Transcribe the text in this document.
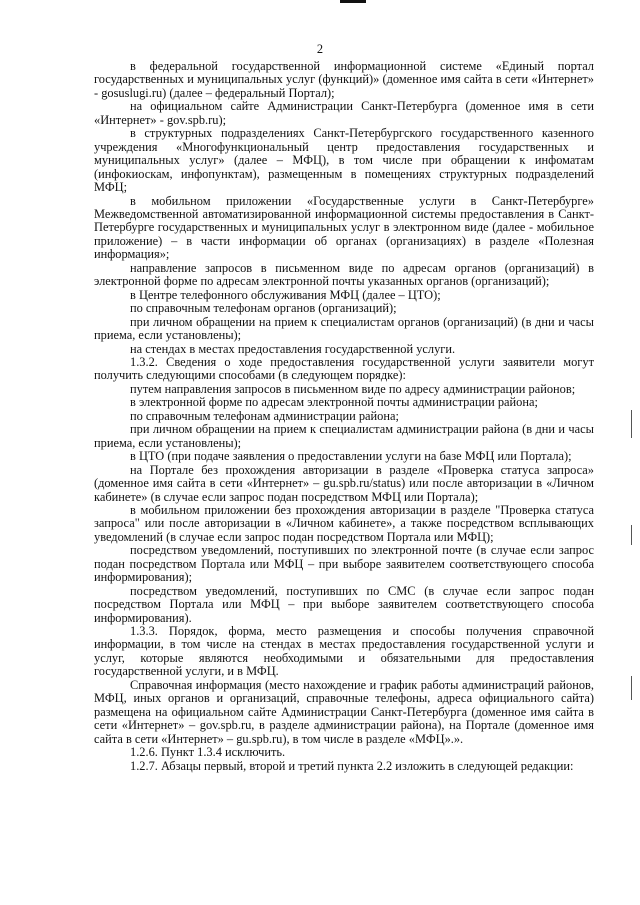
2

в федеральной государственной информационной системе «Единый портал государственных и муниципальных услуг (функций)» (доменное имя сайта в сети «Интернет» - gosuslugi.ru) (далее – федеральный Портал);

на официальном сайте Администрации Санкт-Петербурга (доменное имя в сети «Интернет» - gov.spb.ru);

в структурных подразделениях Санкт-Петербургского государственного казенного учреждения «Многофункциональный центр предоставления государственных и муниципальных услуг» (далее – МФЦ), в том числе при обращении к инфоматам (инфокиоскам, инфопунктам), размещенным в помещениях структурных подразделений МФЦ;

в мобильном приложении «Государственные услуги в Санкт-Петербурге» Межведомственной автоматизированной информационной системы предоставления в Санкт-Петербурге государственных и муниципальных услуг в электронном виде (далее - мобильное приложение) – в части информации об органах (организациях) в разделе «Полезная информация»;

направление запросов в письменном виде по адресам органов (организаций) в электронной форме по адресам электронной почты указанных органов (организаций);

в Центре телефонного обслуживания МФЦ (далее – ЦТО);

по справочным телефонам органов (организаций);

при личном обращении на прием к специалистам органов (организаций) (в дни и часы приема, если установлены);

на стендах в местах предоставления государственной услуги.

1.3.2. Сведения о ходе предоставления государственной услуги заявители могут получить следующими способами (в следующем порядке):

путем направления запросов в письменном виде по адресу администрации районов;

в электронной форме по адресам электронной почты администрации района;

по справочным телефонам администрации района;

при личном обращении на прием к специалистам администрации района (в дни и часы приема, если установлены);

в ЦТО (при подаче заявления о предоставлении услуги на базе МФЦ или Портала);

на Портале без прохождения авторизации в разделе «Проверка статуса запроса» (доменное имя сайта в сети «Интернет» – gu.spb.ru/status) или после авторизации в «Личном кабинете» (в случае если запрос подан посредством МФЦ или Портала);

в мобильном приложении без прохождения авторизации в разделе "Проверка статуса запроса" или после авторизации в «Личном кабинете», а также посредством всплывающих уведомлений (в случае если запрос подан посредством Портала или МФЦ);

посредством уведомлений, поступивших по электронной почте (в случае если запрос подан посредством Портала или МФЦ – при выборе заявителем соответствующего способа информирования);

посредством уведомлений, поступивших по СМС (в случае если запрос подан посредством Портала или МФЦ – при выборе заявителем соответствующего способа информирования).

1.3.3. Порядок, форма, место размещения и способы получения справочной информации, в том числе на стендах в местах предоставления государственной услуги и услуг, которые являются необходимыми и обязательными для предоставления государственной услуги, и в МФЦ.

Справочная информация (место нахождение и график работы администраций районов, МФЦ, иных органов и организаций, справочные телефоны, адреса официального сайта) размещена на официальном сайте Администрации Санкт-Петербурга (доменное имя сайта в сети «Интернет» – gov.spb.ru, в разделе администрации района), на Портале (доменное имя сайта в сети «Интернет» – gu.spb.ru), в том числе в разделе «МФЦ».».

1.2.6. Пункт 1.3.4 исключить.

1.2.7. Абзацы первый, второй и третий пункта 2.2 изложить в следующей редакции:
